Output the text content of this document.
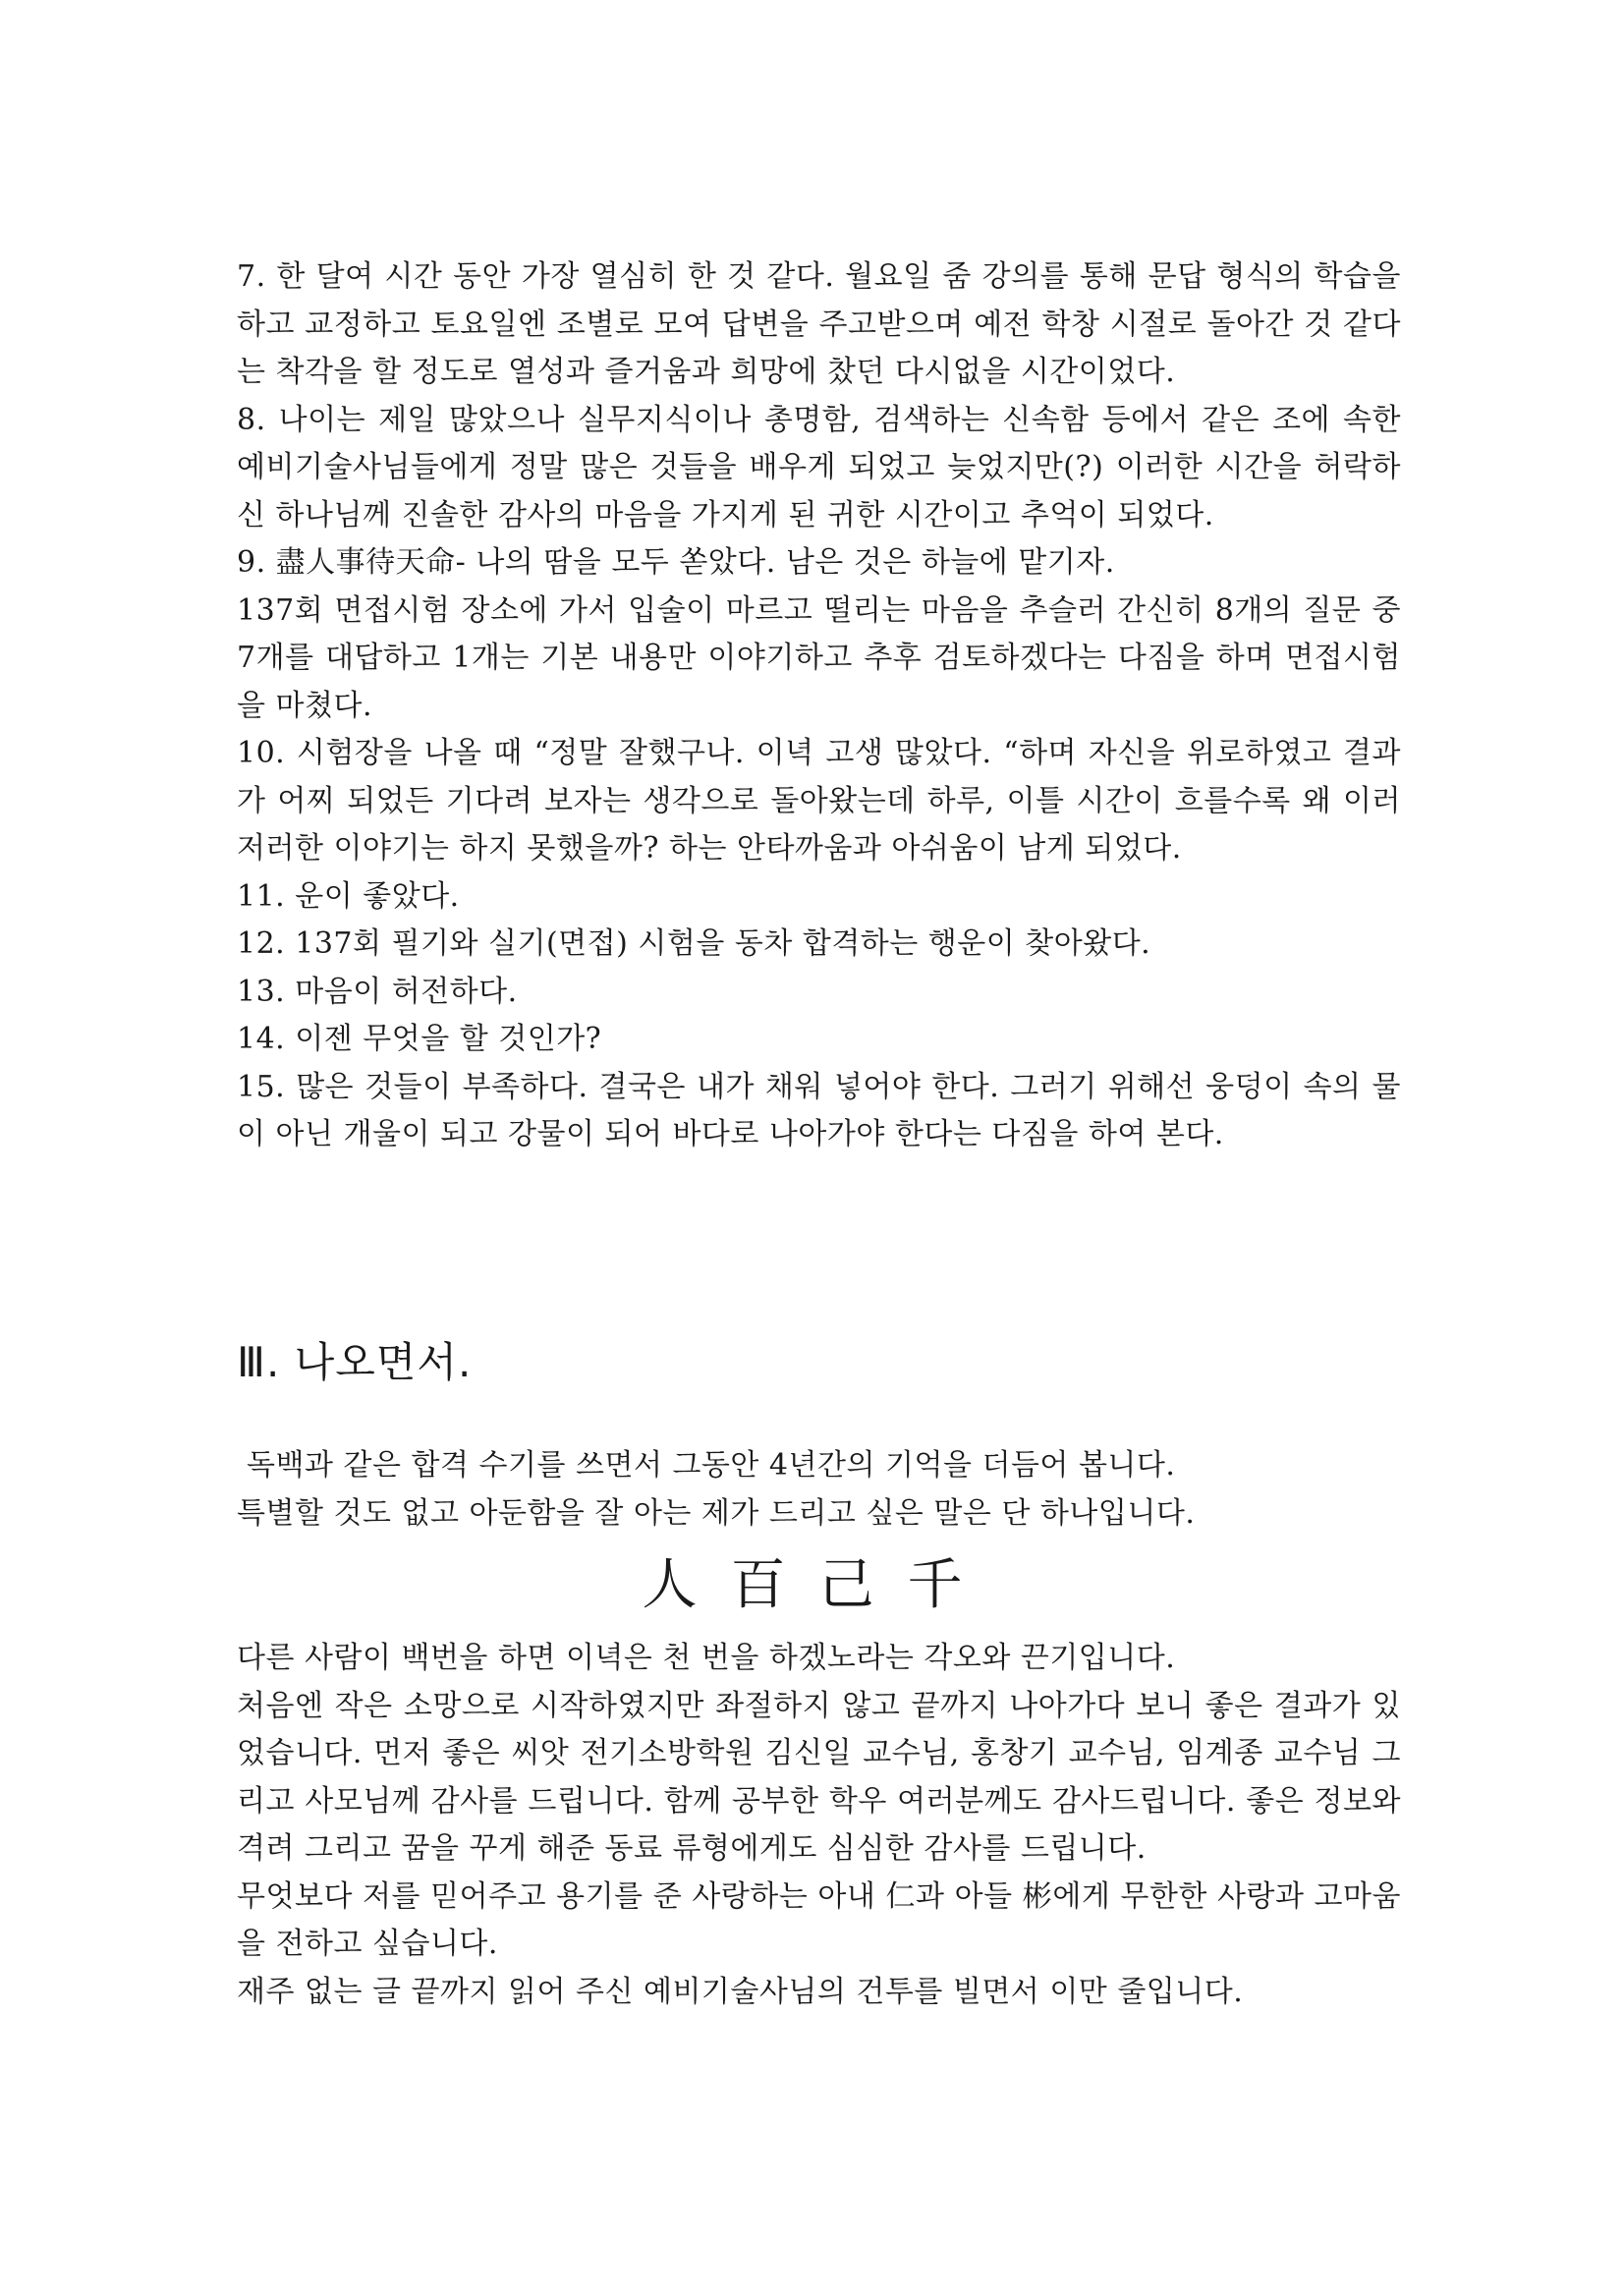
7. 한 달여 시간 동안 가장 열심히 한 것 같다. 월요일 줌 강의를 통해 문답 형식의 학습을 하고 교정하고 토요일엔 조별로 모여 답변을 주고받으며 예전 학창 시절로 돌아간 것 같다는 착각을 할 정도로 열성과 즐거움과 희망에 찼던 다시없을 시간이었다.

8. 나이는 제일 많았으나 실무지식이나 총명함, 검색하는 신속함 등에서 같은 조에 속한 예비기술사님들에게 정말 많은 것들을 배우게 되었고 늦었지만(?) 이러한 시간을 허락하신 하나님께 진솔한 감사의 마음을 가지게 된 귀한 시간이고 추억이 되었다.

9. 盡人事待天命- 나의 땀을 모두 쏟았다. 남은 것은 하늘에 맡기자.

137회 면접시험 장소에 가서 입술이 마르고 떨리는 마음을 추슬러 간신히 8개의 질문 중 7개를 대답하고 1개는 기본 내용만 이야기하고 추후 검토하겠다는 다짐을 하며 면접시험을 마쳤다.

10. 시험장을 나올 때 “정말 잘했구나. 이녁 고생 많았다. “하며 자신을 위로하였고 결과가 어찌 되었든 기다려 보자는 생각으로 돌아왔는데 하루, 이틀 시간이 흐를수록 왜 이러저러한 이야기는 하지 못했을까? 하는 안타까움과 아쉬움이 남게 되었다.

11. 운이 좋았다.

12. 137회 필기와 실기(면접) 시험을 동차 합격하는 행운이 찾아왔다.

13. 마음이 허전하다.

14. 이젠 무엇을 할 것인가?

15. 많은 것들이 부족하다. 결국은 내가 채워 넣어야 한다. 그러기 위해선 웅덩이 속의 물이 아닌 개울이 되고 강물이 되어 바다로 나아가야 한다는 다짐을 하여 본다.

Ⅲ. 나오면서.

독백과 같은 합격 수기를 쓰면서 그동안 4년간의 기억을 더듬어 봅니다.

특별할 것도 없고 아둔함을 잘 아는 제가 드리고 싶은 말은 단 하나입니다.

人百己千

다른 사람이 백번을 하면 이녁은 천 번을 하겠노라는 각오와 끈기입니다.

처음엔 작은 소망으로 시작하였지만 좌절하지 않고 끝까지 나아가다 보니 좋은 결과가 있었습니다. 먼저 좋은 씨앗 전기소방학원 김신일 교수님, 홍창기 교수님, 임계종 교수님 그리고 사모님께 감사를 드립니다. 함께 공부한 학우 여러분께도 감사드립니다. 좋은 정보와 격려 그리고 꿈을 꾸게 해준 동료 류형에게도 심심한 감사를 드립니다.

무엇보다 저를 믿어주고 용기를 준 사랑하는 아내 仁과 아들 彬에게 무한한 사랑과 고마움을 전하고 싶습니다.

재주 없는 글 끝까지 읽어 주신 예비기술사님의 건투를 빌면서 이만 줄입니다.
